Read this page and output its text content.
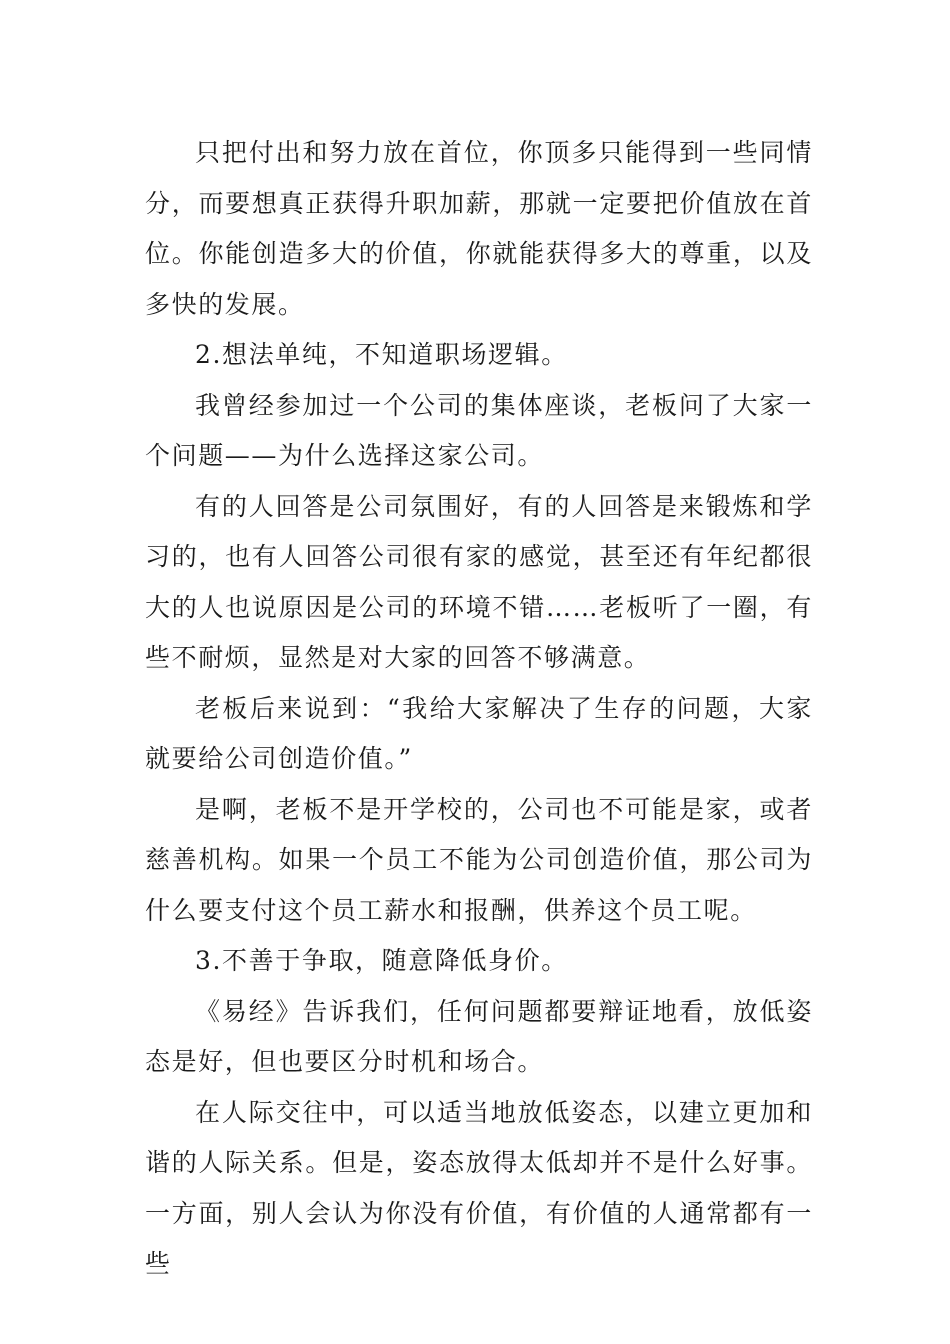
只把付出和努力放在首位，你顶多只能得到一些同情分，而要想真正获得升职加薪，那就一定要把价值放在首位。你能创造多大的价值，你就能获得多大的尊重，以及多快的发展。

2.想法单纯，不知道职场逻辑。

我曾经参加过一个公司的集体座谈，老板问了大家一个问题——为什么选择这家公司。

有的人回答是公司氛围好，有的人回答是来锻炼和学习的，也有人回答公司很有家的感觉，甚至还有年纪都很大的人也说原因是公司的环境不错……老板听了一圈，有些不耐烦，显然是对大家的回答不够满意。

老板后来说到：“我给大家解决了生存的问题，大家就要给公司创造价值。”

是啊，老板不是开学校的，公司也不可能是家，或者慈善机构。如果一个员工不能为公司创造价值，那公司为什么要支付这个员工薪水和报酬，供养这个员工呢。

3.不善于争取，随意降低身价。

《易经》告诉我们，任何问题都要辩证地看，放低姿态是好，但也要区分时机和场合。

在人际交往中，可以适当地放低姿态，以建立更加和谐的人际关系。但是，姿态放得太低却并不是什么好事。一方面，别人会认为你没有价值，有价值的人通常都有一些
